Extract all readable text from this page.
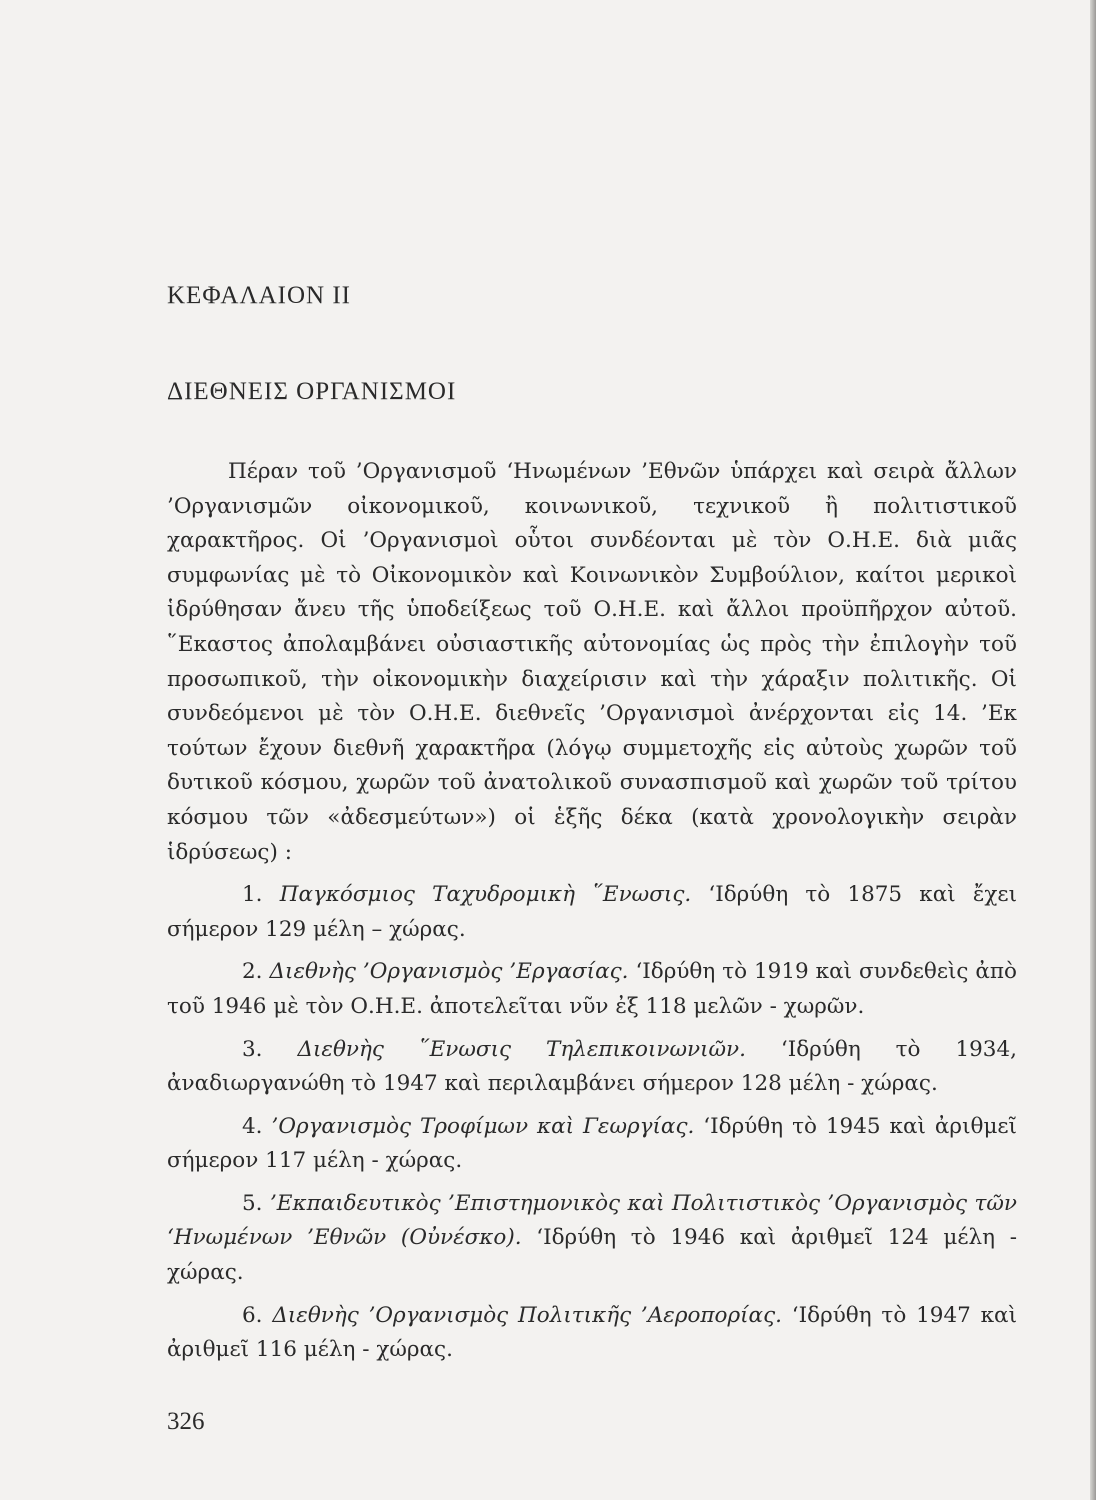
ΚΕΦΑΛΑΙΟΝ ΙΙ
ΔΙΕΘΝΕΙΣ ΟΡΓΑΝΙΣΜΟΙ

Πέραν τοῦ ’Οργανισμοῦ ‘Ηνωμένων ’Εθνῶν ὑπάρχει καὶ σειρὰ ἄλλων ’Οργανισμῶν οἰκονομικοῦ, κοινωνικοῦ, τεχνικοῦ ἢ πολιτιστικοῦ χαρακτῆρος. Οἱ ’Οργανισμοὶ οὗτοι συνδέονται μὲ τὸν Ο.Η.Ε. διὰ μιᾶς συμφωνίας μὲ τὸ Οἰκονομικὸν καὶ Κοινωνικὸν Συμβούλιον, καίτοι μερικοὶ ἱδρύθησαν ἄνευ τῆς ὑποδείξεως τοῦ Ο.Η.Ε. καὶ ἄλλοι προϋπῆρχον αὐτοῦ. ῞Εκαστος ἀπολαμβάνει οὐσιαστικῆς αὐτονομίας ὡς πρὸς τὴν ἐπιλογὴν τοῦ προσωπικοῦ, τὴν οἰκονομικὴν διαχείρισιν καὶ τὴν χάραξιν πολιτικῆς. Οἱ συνδεόμενοι μὲ τὸν Ο.Η.Ε. διεθνεῖς ’Οργανισμοὶ ἀνέρχονται εἰς 14. ’Εκ τούτων ἔχουν διεθνῆ χαρακτῆρα (λόγῳ συμμετοχῆς εἰς αὐτοὺς χωρῶν τοῦ δυτικοῦ κόσμου, χωρῶν τοῦ ἀνατολικοῦ συνασπισμοῦ καὶ χωρῶν τοῦ τρίτου κόσμου τῶν «ἀδεσμεύτων») οἱ ἑξῆς δέκα (κατὰ χρονολογικὴν σειρὰν ἱδρύσεως) :

1. Παγκόσμιος Ταχυδρομικὴ ῞Ενωσις. ‘Ιδρύθη τὸ 1875 καὶ ἔχει σήμερον 129 μέλη – χώρας.

2. Διεθνὴς ’Οργανισμὸς ’Εργασίας. ‘Ιδρύθη τὸ 1919 καὶ συνδεθεὶς ἀπὸ τοῦ 1946 μὲ τὸν Ο.Η.Ε. ἀποτελεῖται νῦν ἐξ 118 μελῶν - χωρῶν.

3. Διεθνὴς ῞Ενωσις Τηλεπικοινωνιῶν. ‘Ιδρύθη τὸ 1934, ἀναδιωργανώθη τὸ 1947 καὶ περιλαμβάνει σήμερον 128 μέλη - χώρας.

4. ’Οργανισμὸς Τροφίμων καὶ Γεωργίας. ‘Ιδρύθη τὸ 1945 καὶ ἀριθμεῖ σήμερον 117 μέλη - χώρας.

5. ’Εκπαιδευτικὸς ’Επιστημονικὸς καὶ Πολιτιστικὸς ’Οργανισμὸς τῶν ‘Ηνωμένων ’Εθνῶν (Οὐνέσκο). ‘Ιδρύθη τὸ 1946 καὶ ἀριθμεῖ 124 μέλη - χώρας.

6. Διεθνὴς ’Οργανισμὸς Πολιτικῆς ’Αεροπορίας. ‘Ιδρύθη τὸ 1947 καὶ ἀριθμεῖ 116 μέλη - χώρας.

326
